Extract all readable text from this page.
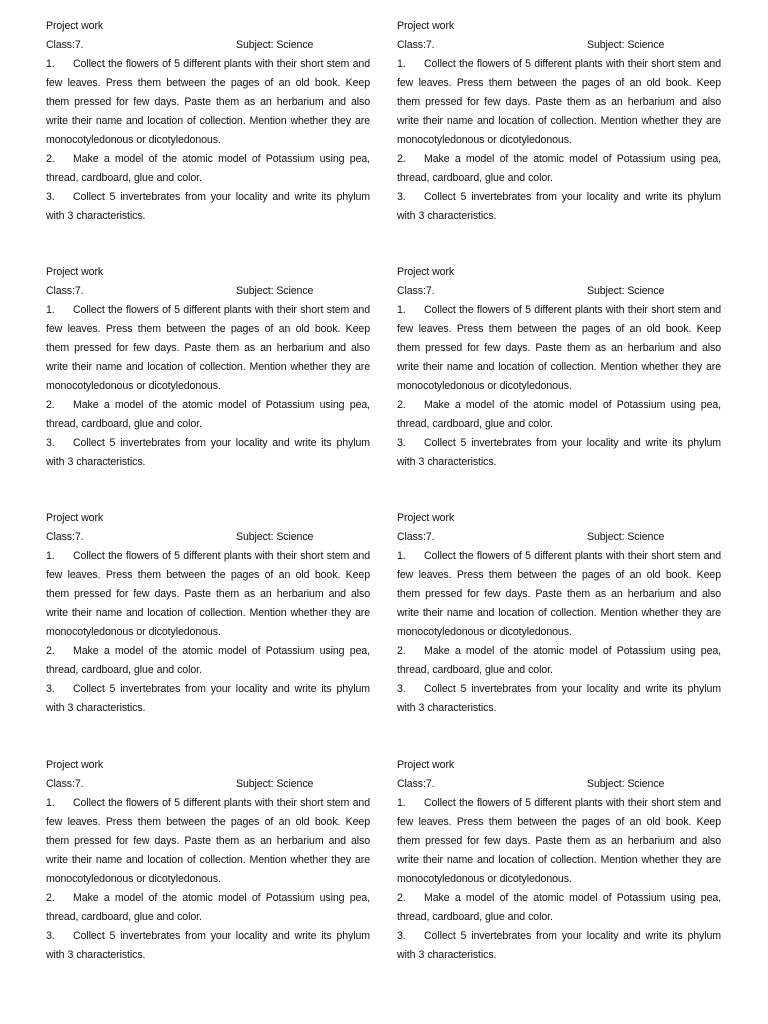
Project work
Class:7.	Subject: Science
1. Collect the flowers of 5 different plants with their short stem and few leaves. Press them between the pages of an old book. Keep them pressed for few days. Paste them as an herbarium and also write their name and location of collection. Mention whether they are monocotyledonous or dicotyledonous.
2. Make a model of the atomic model of Potassium using pea, thread, cardboard, glue and color.
3. Collect 5 invertebrates from your locality and write its phylum with 3 characteristics.
Project work
Class:7.	Subject: Science
1. Collect the flowers of 5 different plants with their short stem and few leaves. Press them between the pages of an old book. Keep them pressed for few days. Paste them as an herbarium and also write their name and location of collection. Mention whether they are monocotyledonous or dicotyledonous.
2. Make a model of the atomic model of Potassium using pea, thread, cardboard, glue and color.
3. Collect 5 invertebrates from your locality and write its phylum with 3 characteristics.
Project work
Class:7.	Subject: Science
1. Collect the flowers of 5 different plants with their short stem and few leaves. Press them between the pages of an old book. Keep them pressed for few days. Paste them as an herbarium and also write their name and location of collection. Mention whether they are monocotyledonous or dicotyledonous.
2. Make a model of the atomic model of Potassium using pea, thread, cardboard, glue and color.
3. Collect 5 invertebrates from your locality and write its phylum with 3 characteristics.
Project work
Class:7.	Subject: Science
1. Collect the flowers of 5 different plants with their short stem and few leaves. Press them between the pages of an old book. Keep them pressed for few days. Paste them as an herbarium and also write their name and location of collection. Mention whether they are monocotyledonous or dicotyledonous.
2. Make a model of the atomic model of Potassium using pea, thread, cardboard, glue and color.
3. Collect 5 invertebrates from your locality and write its phylum with 3 characteristics.
Project work
Class:7.	Subject: Science
1. Collect the flowers of 5 different plants with their short stem and few leaves. Press them between the pages of an old book. Keep them pressed for few days. Paste them as an herbarium and also write their name and location of collection. Mention whether they are monocotyledonous or dicotyledonous.
2. Make a model of the atomic model of Potassium using pea, thread, cardboard, glue and color.
3. Collect 5 invertebrates from your locality and write its phylum with 3 characteristics.
Project work
Class:7.	Subject: Science
1. Collect the flowers of 5 different plants with their short stem and few leaves. Press them between the pages of an old book. Keep them pressed for few days. Paste them as an herbarium and also write their name and location of collection. Mention whether they are monocotyledonous or dicotyledonous.
2. Make a model of the atomic model of Potassium using pea, thread, cardboard, glue and color.
3. Collect 5 invertebrates from your locality and write its phylum with 3 characteristics.
Project work
Class:7.	Subject: Science
1. Collect the flowers of 5 different plants with their short stem and few leaves. Press them between the pages of an old book. Keep them pressed for few days. Paste them as an herbarium and also write their name and location of collection. Mention whether they are monocotyledonous or dicotyledonous.
2. Make a model of the atomic model of Potassium using pea, thread, cardboard, glue and color.
3. Collect 5 invertebrates from your locality and write its phylum with 3 characteristics.
Project work
Class:7.	Subject: Science
1. Collect the flowers of 5 different plants with their short stem and few leaves. Press them between the pages of an old book. Keep them pressed for few days. Paste them as an herbarium and also write their name and location of collection. Mention whether they are monocotyledonous or dicotyledonous.
2. Make a model of the atomic model of Potassium using pea, thread, cardboard, glue and color.
3. Collect 5 invertebrates from your locality and write its phylum with 3 characteristics.
